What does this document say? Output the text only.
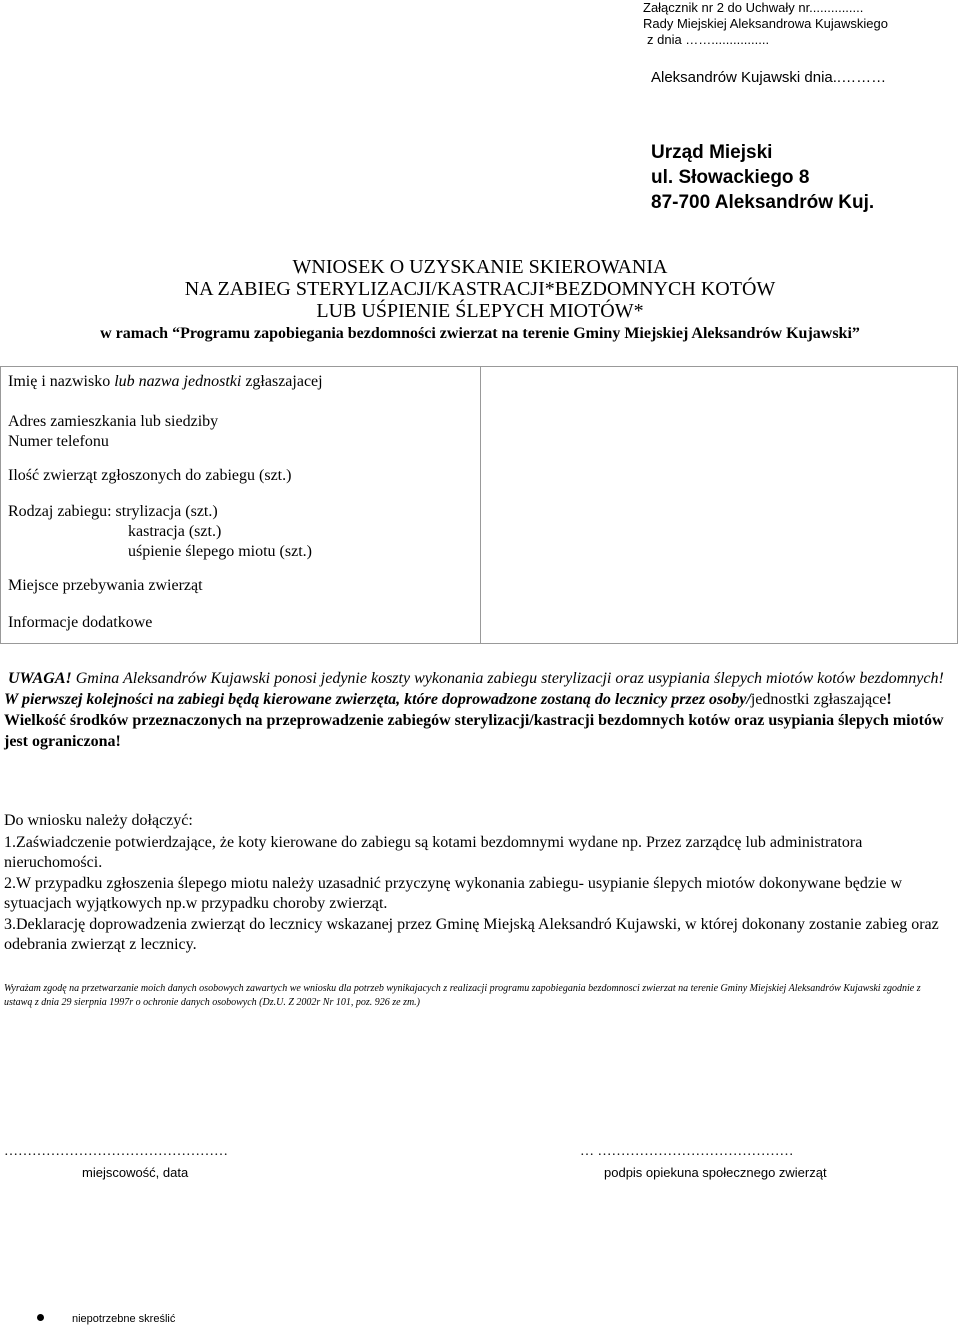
Załącznik nr 2 do Uchwały nr...............
Rady Miejskiej Aleksandrowa Kujawskiego
z dnia ……................
Aleksandrów Kujawski dnia..………
Urząd Miejski
ul. Słowackiego 8
87-700 Aleksandrów Kuj.
WNIOSEK O UZYSKANIE SKIEROWANIA
NA ZABIEG STERYLIZACJI/KASTRACJI*BEZDOMNYCH KOTÓW
LUB UŚPIENIE ŚLEPYCH MIOTÓW*
w ramach “Programu zapobiegania bezdomności zwierzat na terenie Gminy Miejskiej Aleksandrów Kujawski”
Imię i nazwisko lub nazwa jednostki zgłaszajacej
Adres zamieszkania lub siedziby
Numer telefonu
Ilość zwierząt zgłoszonych do zabiegu (szt.)
Rodzaj zabiegu: strylizacja (szt.)
kastracja (szt.)
uśpienie ślepego miotu (szt.)
Miejsce przebywania zwierząt
Informacje dodatkowe

UWAGA! Gmina Aleksandrów Kujawski ponosi jedynie koszty wykonania zabiegu sterylizacji oraz usypiania ślepych miotów kotów bezdomnych!

W pierwszej kolejności na zabiegi będą kierowane zwierzęta, które doprowadzone zostaną do lecznicy przez osoby/jednostki zgłaszające!

Wielkość środków przeznaczonych na przeprowadzenie zabiegów sterylizacji/kastracji bezdomnych kotów oraz usypiania ślepych miotów jest ograniczona!

Do wniosku należy dołączyć:

1.Zaświadczenie potwierdzające, że koty kierowane do zabiegu są kotami bezdomnymi wydane np. Przez zarządcę lub administratora nieruchomości.

2.W przypadku zgłoszenia ślepego miotu należy uzasadnić przyczynę wykonania zabiegu- usypianie ślepych miotów dokonywane będzie w sytuacjach wyjątkowych np.w przypadku choroby zwierząt.

3.Deklarację doprowadzenia zwierząt do lecznicy wskazanej przez Gminę Miejską Aleksandró Kujawski, w której dokonany zostanie zabieg oraz odebrania zwierząt z lecznicy.

Wyrażam zgodę na przetwarzanie moich danych osobowych zawartych we wniosku dla potrzeb wynikajacych z realizacji programu zapobiegania bezdomnosci zwierzat na terenie Gminy Miejskiej Aleksandrów Kujawski zgodnie z ustawą z dnia 29 sierpnia 1997r o ochronie danych osobowych (Dz.U. Z 2002r Nr 101, poz. 926 ze zm.)
…………………………………………	… ……………………………………
miejscowość, data	podpis opiekuna społecznego zwierząt
niepotrzebne skreślić
